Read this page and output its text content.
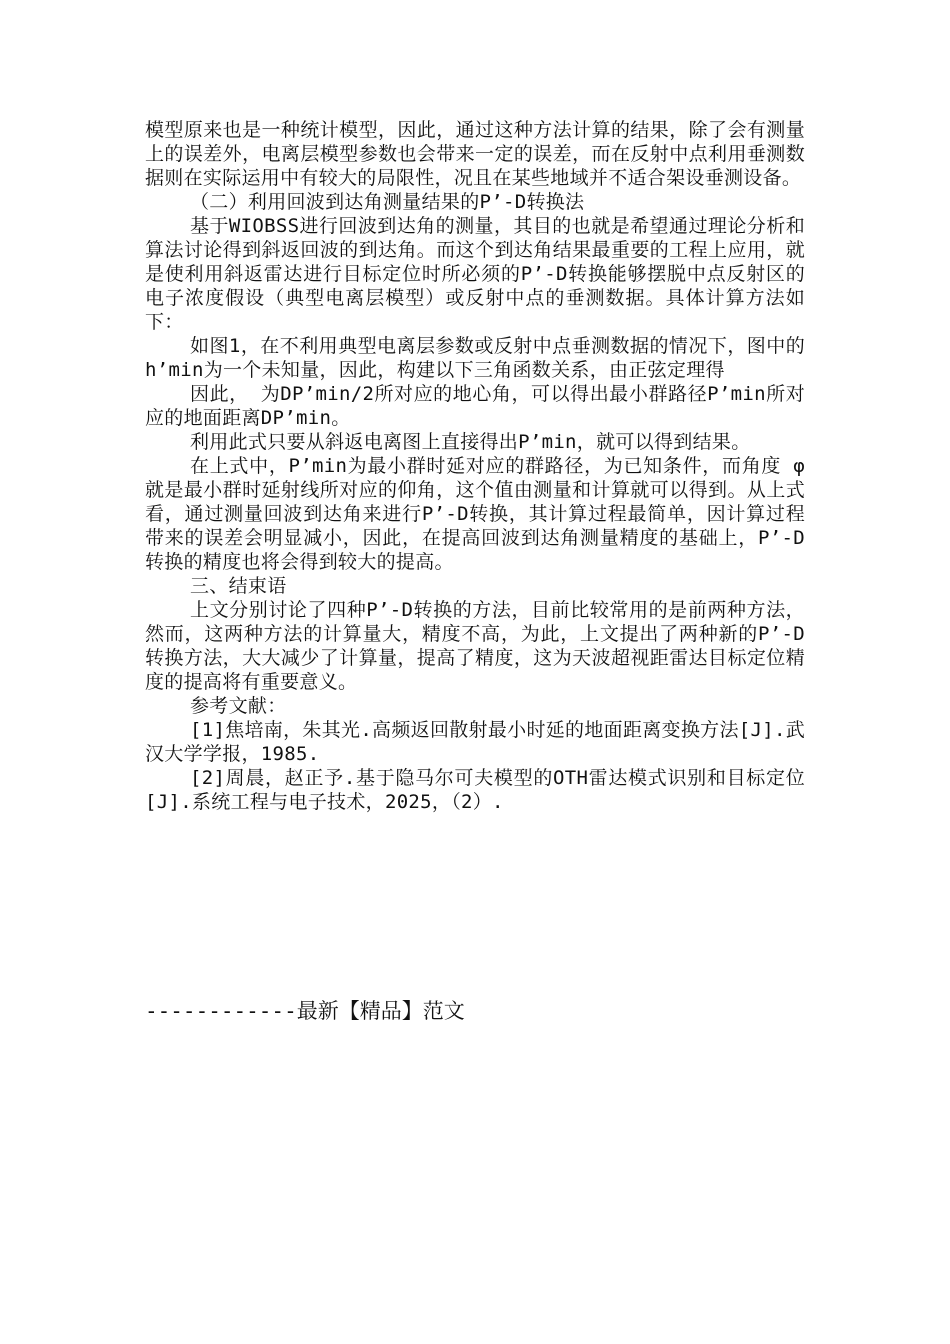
模型原来也是一种统计模型，因此，通过这种方法计算的结果，除了会有测量上的误差外，电离层模型参数也会带来一定的误差，而在反射中点利用垂测数据则在实际运用中有较大的局限性，况且在某些地域并不适合架设垂测设备。

（二）利用回波到达角测量结果的P’-D转换法

基于WIOBSS进行回波到达角的测量，其目的也就是希望通过理论分析和算法讨论得到斜返回波的到达角。而这个到达角结果最重要的工程上应用，就是使利用斜返雷达进行目标定位时所必须的P’-D转换能够摆脱中点反射区的电子浓度假设（典型电离层模型）或反射中点的垂测数据。具体计算方法如下：

如图1，在不利用典型电离层参数或反射中点垂测数据的情况下，图中的h’min为一个未知量，因此，构建以下三角函数关系，由正弦定理得

因此， 为DP’min/2所对应的地心角，可以得出最小群路径P’min所对应的地面距离DP’min。

利用此式只要从斜返电离图上直接得出P’min，就可以得到结果。

在上式中，P’min为最小群时延对应的群路径，为已知条件，而角度 φ 就是最小群时延射线所对应的仰角，这个值由测量和计算就可以得到。从上式看，通过测量回波到达角来进行P’-D转换，其计算过程最简单，因计算过程带来的误差会明显减小，因此，在提高回波到达角测量精度的基础上，P’-D转换的精度也将会得到较大的提高。

三、结束语

上文分别讨论了四种P’-D转换的方法，目前比较常用的是前两种方法，然而，这两种方法的计算量大，精度不高，为此，上文提出了两种新的P’-D转换方法，大大减少了计算量，提高了精度，这为天波超视距雷达目标定位精度的提高将有重要意义。

参考文献：

[1]焦培南，朱其光.高频返回散射最小时延的地面距离变换方法[J].武汉大学学报，1985.

[2]周晨，赵正予.基于隐马尔可夫模型的OTH雷达模式识别和目标定位[J].系统工程与电子技术，2025，（2）.

------------最新【精品】范文
